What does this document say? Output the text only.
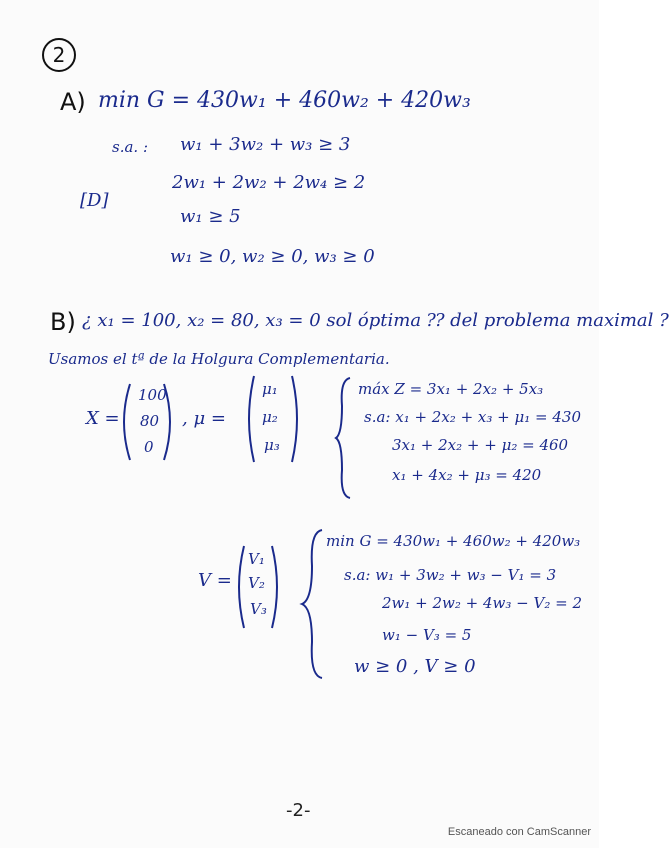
2
A) min G = 430w₁ + 460w₂ + 420w₃
s.a. : w₁ + 3w₂ + w₃ ≥ 3
2w₁ + 2w₂ + 2w₄ ≥ 2
[D]
w₁ ≥ 5
w₁ ≥ 0, w₂ ≥ 0, w₃ ≥ 0
B) ¿ x₁ = 100, x₂ = 80, x₃ = 0 sol óptima ⁇ del problema maximal ?
Usamos el tª de la Holgura Complementaria.
X =
100
80
0
, μ =
μ₁
μ₂
μ₃
máx Z = 3x₁ + 2x₂ + 5x₃
s.a: x₁ + 2x₂ + x₃ + μ₁ = 430
3x₁ + 2x₂ + + μ₂ = 460
x₁ + 4x₂ + μ₃ = 420
V =
V₁
V₂
V₃
min G = 430w₁ + 460w₂ + 420w₃
s.a: w₁ + 3w₂ + w₃ − V₁ = 3
2w₁ + 2w₂ + 4w₃ − V₂ = 2
w₁ − V₃ = 5
w ≥ 0 , V ≥ 0
-2-
Escaneado con CamScanner
